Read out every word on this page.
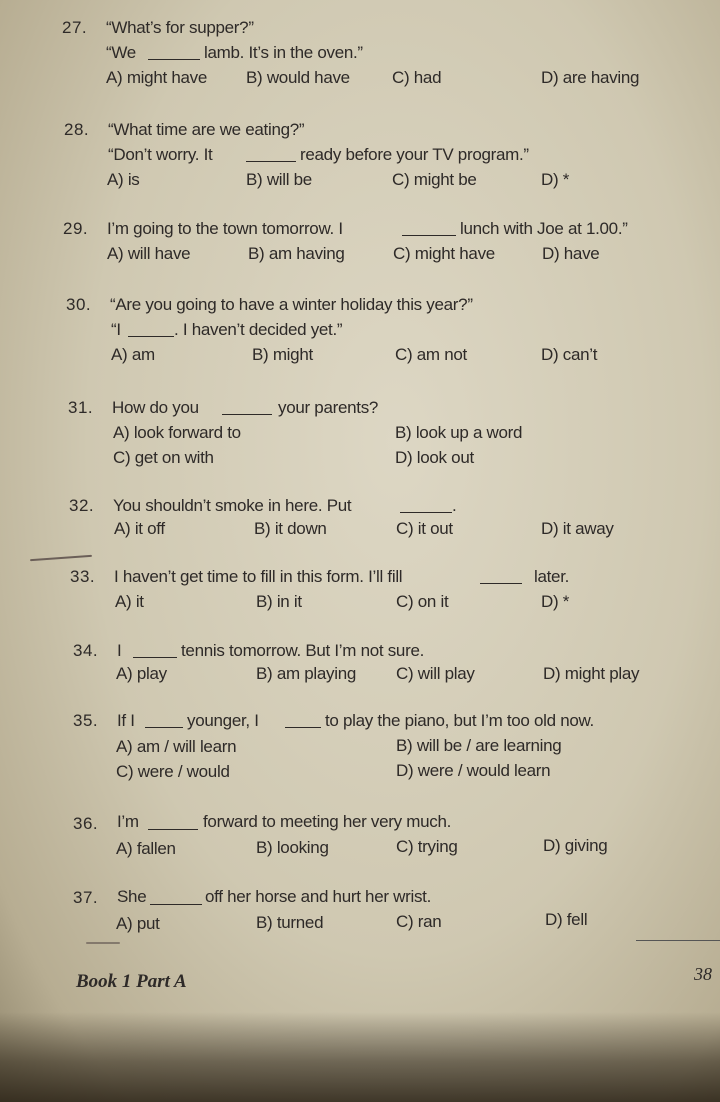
27. “What’s for supper?”
“We	lamb. It’s in the oven.”
A) might have B) would have C) had	D) are having
28. “What time are we eating?”
“Don’t worry. It	ready before your TV program.”
A) is	B) will be	C) might be	D) *
29. I’m going to the town tomorrow. I	lunch with Joe at 1.00.”
A) will have	B) am having	C) might have	D) have
30. “Are you going to have a winter holiday this year?”
“I	. I haven’t decided yet.”
A) am	B) might	C) am not	D) can’t
31. How do you	your parents?
A) look forward to	B) look up a word
C) get on with	D) look out
32. You shouldn’t smoke in here. Put	.
A) it off	B) it down	C) it out	D) it away
33. I haven’t get time to fill in this form. I’ll fill	later.
A) it	B) in it	C) on it	D) *
34. I	tennis tomorrow. But I’m not sure.
A) play	B) am playing C) will play	D) might play
35. If I	younger, I	to play the piano, but I’m too old now.
A) am / will learn	B) will be / are learning
C) were / would	D) were / would learn
36. I’m	forward to meeting her very much.
A) fallen	B) looking	C) trying	D) giving
37. She	off her horse and hurt her wrist.
A) put	B) turned	C) ran	D) fell
Book 1 Part A	38
